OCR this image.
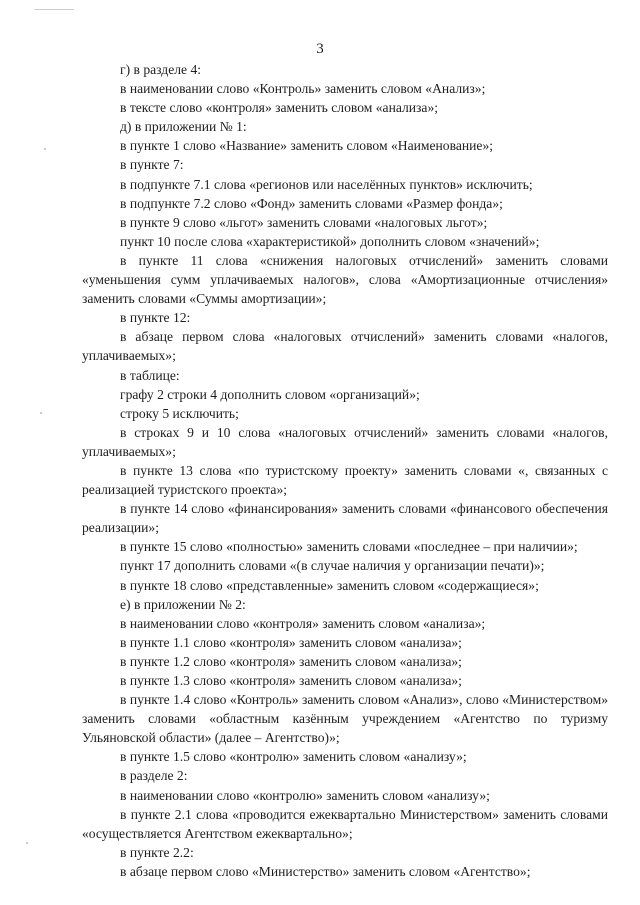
3

г) в разделе 4:

в наименовании слово «Контроль» заменить словом «Анализ»;

в тексте слово «контроля» заменить словом «анализа»;

д) в приложении № 1:

в пункте 1 слово «Название» заменить словом «Наименование»;

в пункте 7:

в подпункте 7.1 слова «регионов или населённых пунктов» исключить;

в подпункте 7.2 слово «Фонд» заменить словами «Размер фонда»;

в пункте 9 слово «льгот» заменить словами «налоговых льгот»;

пункт 10 после слова «характеристикой» дополнить словом «значений»;

в пункте 11 слова «снижения налоговых отчислений» заменить словами «уменьшения сумм уплачиваемых налогов», слова «Амортизационные отчисления» заменить словами «Суммы амортизации»;

в пункте 12:

в абзаце первом слова «налоговых отчислений» заменить словами «налогов, уплачиваемых»;

в таблице:

графу 2 строки 4 дополнить словом «организаций»;

строку 5 исключить;

в строках 9 и 10 слова «налоговых отчислений» заменить словами «налогов, уплачиваемых»;

в пункте 13 слова «по туристскому проекту» заменить словами «, связанных с реализацией туристского проекта»;

в пункте 14 слово «финансирования» заменить словами «финансового обеспечения реализации»;

в пункте 15 слово «полностью» заменить словами «последнее – при наличии»;

пункт 17 дополнить словами «(в случае наличия у организации печати)»;

в пункте 18 слово «представленные» заменить словом «содержащиеся»;

е) в приложении № 2:

в наименовании слово «контроля» заменить словом «анализа»;

в пункте 1.1 слово «контроля» заменить словом «анализа»;

в пункте 1.2 слово «контроля» заменить словом «анализа»;

в пункте 1.3 слово «контроля» заменить словом «анализа»;

в пункте 1.4 слово «Контроль» заменить словом «Анализ», слово «Министерством» заменить словами «областным казённым учреждением «Агентство по туризму Ульяновской области» (далее – Агентство)»;

в пункте 1.5 слово «контролю» заменить словом «анализу»;

в разделе 2:

в наименовании слово «контролю» заменить словом «анализу»;

в пункте 2.1 слова «проводится ежеквартально Министерством» заменить словами «осуществляется Агентством ежеквартально»;

в пункте 2.2:

в абзаце первом слово «Министерство» заменить словом «Агентство»;
